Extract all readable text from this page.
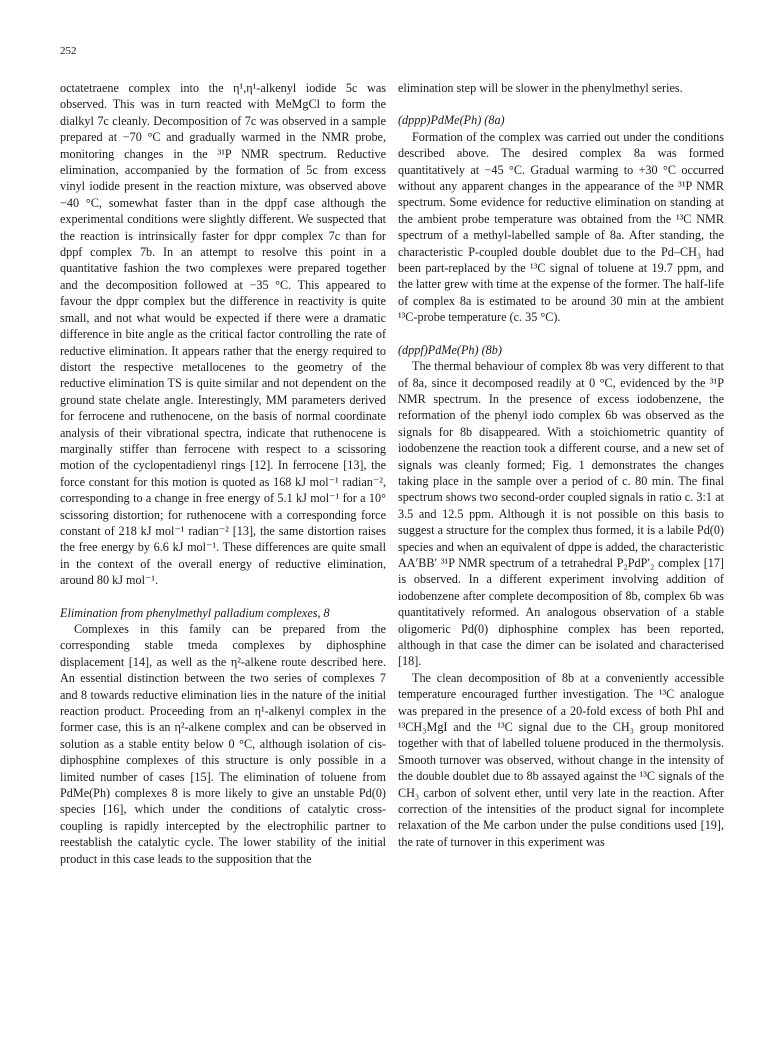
252

octatetraene complex into the η¹,η¹-alkenyl iodide 5c was observed. This was in turn reacted with MeMgCl to form the dialkyl 7c cleanly. Decomposition of 7c was observed in a sample prepared at −70 °C and gradually warmed in the NMR probe, monitoring changes in the ³¹P NMR spectrum. Reductive elimination, accompanied by the formation of 5c from excess vinyl iodide present in the reaction mixture, was observed above −40 °C, somewhat faster than in the dppf case although the experimental conditions were slightly different. We suspected that the reaction is intrinsically faster for dppr complex 7c than for dppf complex 7b. In an attempt to resolve this point in a quantitative fashion the two complexes were prepared together and the decomposition followed at −35 °C. This appeared to favour the dppr complex but the difference in reactivity is quite small, and not what would be expected if there were a dramatic difference in bite angle as the critical factor controlling the rate of reductive elimination. It appears rather that the energy required to distort the respective metallocenes to the geometry of the reductive elimination TS is quite similar and not dependent on the ground state chelate angle. Interestingly, MM parameters derived for ferrocene and ruthenocene, on the basis of normal coordinate analysis of their vibrational spectra, indicate that ruthenocene is marginally stiffer than ferrocene with respect to a scissoring motion of the cyclopentadienyl rings [12]. In ferrocene [13], the force constant for this motion is quoted as 168 kJ mol⁻¹ radian⁻², corresponding to a change in free energy of 5.1 kJ mol⁻¹ for a 10° scissoring distortion; for ruthenocene with a corresponding force constant of 218 kJ mol⁻¹ radian⁻² [13], the same distortion raises the free energy by 6.6 kJ mol⁻¹. These differences are quite small in the context of the overall energy of reductive elimination, around 80 kJ mol⁻¹.

Elimination from phenylmethyl palladium complexes, 8

Complexes in this family can be prepared from the corresponding stable tmeda complexes by diphosphine displacement [14], as well as the η²-alkene route described here. An essential distinction between the two series of complexes 7 and 8 towards reductive elimination lies in the nature of the initial reaction product. Proceeding from an η¹-alkenyl complex in the former case, this is an η²-alkene complex and can be observed in solution as a stable entity below 0 °C, although isolation of cis-diphosphine complexes of this structure is only possible in a limited number of cases [15]. The elimination of toluene from PdMe(Ph) complexes 8 is more likely to give an unstable Pd(0) species [16], which under the conditions of catalytic cross-coupling is rapidly intercepted by the electrophilic partner to reestablish the catalytic cycle. The lower stability of the initial product in this case leads to the supposition that the

elimination step will be slower in the phenylmethyl series.

(dppp)PdMe(Ph) (8a)

Formation of the complex was carried out under the conditions described above. The desired complex 8a was formed quantitatively at −45 °C. Gradual warming to +30 °C occurred without any apparent changes in the appearance of the ³¹P NMR spectrum. Some evidence for reductive elimination on standing at the ambient probe temperature was obtained from the ¹³C NMR spectrum of a methyl-labelled sample of 8a. After standing, the characteristic P-coupled double doublet due to the Pd–CH₃ had been part-replaced by the ¹³C signal of toluene at 19.7 ppm, and the latter grew with time at the expense of the former. The half-life of complex 8a is estimated to be around 30 min at the ambient ¹³C-probe temperature (c. 35 °C).

(dppf)PdMe(Ph) (8b)

The thermal behaviour of complex 8b was very different to that of 8a, since it decomposed readily at 0 °C, evidenced by the ³¹P NMR spectrum. In the presence of excess iodobenzene, the reformation of the phenyl iodo complex 6b was observed as the signals for 8b disappeared. With a stoichiometric quantity of iodobenzene the reaction took a different course, and a new set of signals was cleanly formed; Fig. 1 demonstrates the changes taking place in the sample over a period of c. 80 min. The final spectrum shows two second-order coupled signals in ratio c. 3:1 at 3.5 and 12.5 ppm. Although it is not possible on this basis to suggest a structure for the complex thus formed, it is a labile Pd(0) species and when an equivalent of dppe is added, the characteristic AA′BB′ ³¹P NMR spectrum of a tetrahedral P₂PdP′₂ complex [17] is observed. In a different experiment involving addition of iodobenzene after complete decomposition of 8b, complex 6b was quantitatively reformed. An analogous observation of a stable oligomeric Pd(0) diphosphine complex has been reported, although in that case the dimer can be isolated and characterised [18].

The clean decomposition of 8b at a conveniently accessible temperature encouraged further investigation. The ¹³C analogue was prepared in the presence of a 20-fold excess of both PhI and ¹³CH₃MgI and the ¹³C signal due to the CH₃ group monitored together with that of labelled toluene produced in the thermolysis. Smooth turnover was observed, without change in the intensity of the double doublet due to 8b assayed against the ¹³C signals of the CH₃ carbon of solvent ether, until very late in the reaction. After correction of the intensities of the product signal for incomplete relaxation of the Me carbon under the pulse conditions used [19], the rate of turnover in this experiment was
